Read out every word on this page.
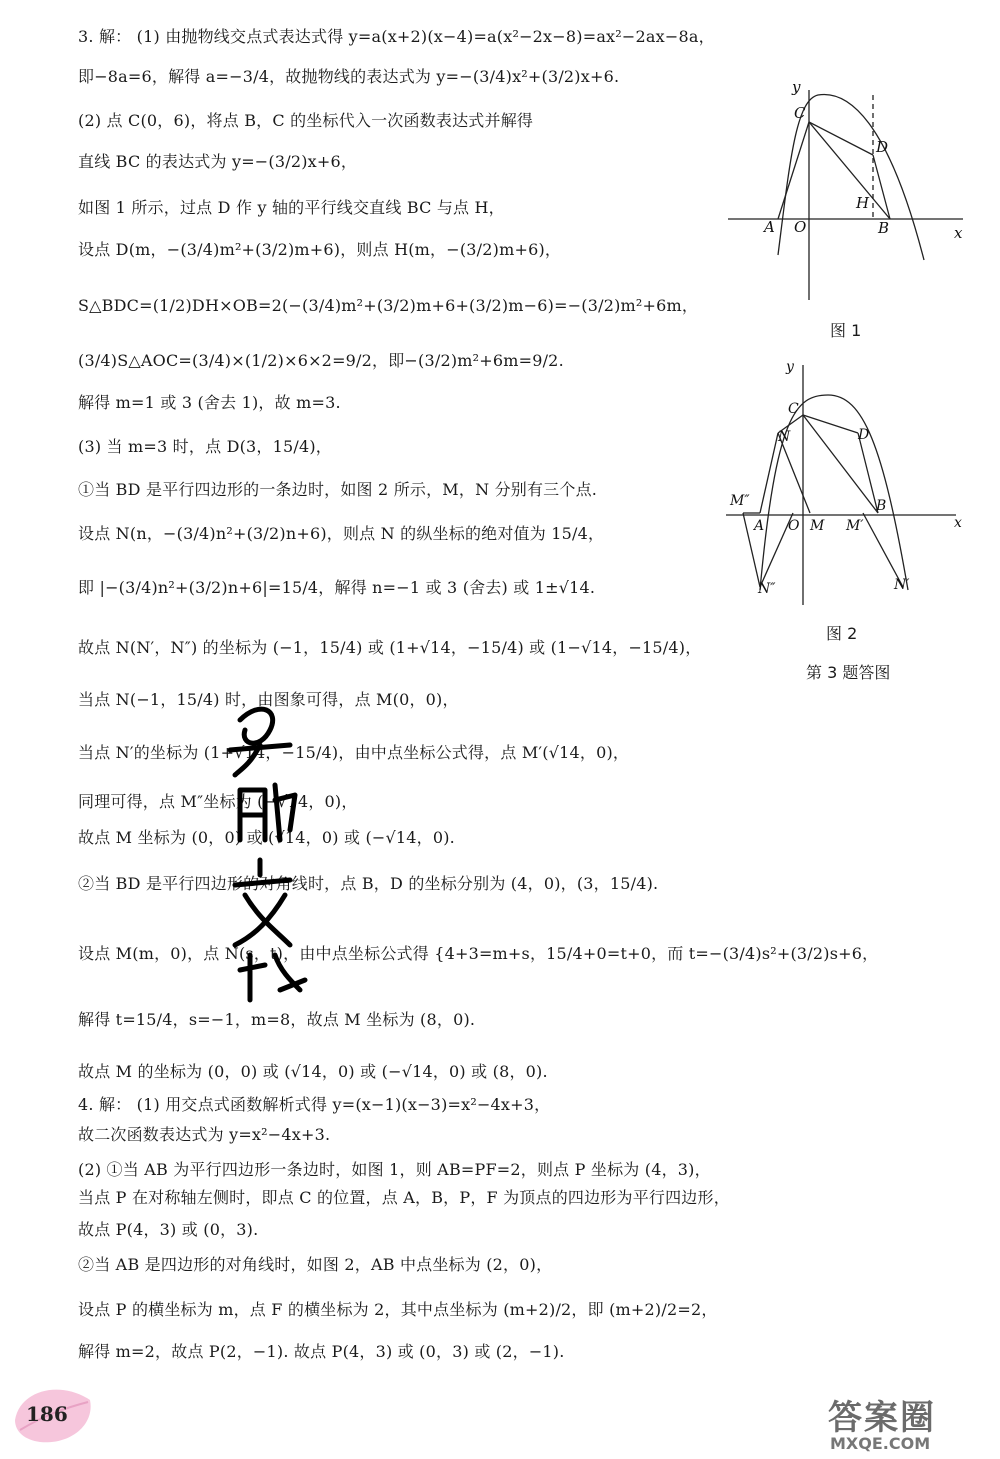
3. 解： (1) 由抛物线交点式表达式得 y=a(x+2)(x−4)=a(x²−2x−8)=ax²−2ax−8a，

即−8a=6，解得 a=−3/4，故抛物线的表达式为 y=−(3/4)x²+(3/2)x+6.

(2) 点 C(0，6)，将点 B，C 的坐标代入一次函数表达式并解得

直线 BC 的表达式为 y=−(3/2)x+6，

如图 1 所示，过点 D 作 y 轴的平行线交直线 BC 与点 H，

设点 D(m，−(3/4)m²+(3/2)m+6)，则点 H(m，−(3/2)m+6)，

S△BDC=(1/2)DH×OB=2(−(3/4)m²+(3/2)m+6+(3/2)m−6)=−(3/2)m²+6m，

(3/4)S△AOC=(3/4)×(1/2)×6×2=9/2，即−(3/2)m²+6m=9/2.

解得 m=1 或 3 (舍去 1)，故 m=3.

(3) 当 m=3 时，点 D(3，15/4)，

①当 BD 是平行四边形的一条边时，如图 2 所示，M，N 分别有三个点.

设点 N(n，−(3/4)n²+(3/2)n+6)，则点 N 的纵坐标的绝对值为 15/4，

即 |−(3/4)n²+(3/2)n+6|=15/4，解得 n=−1 或 3 (舍去) 或 1±√14.

故点 N(N′，N″) 的坐标为 (−1，15/4) 或 (1+√14，−15/4) 或 (1−√14，−15/4)，

当点 N(−1，15/4) 时，由图象可得，点 M(0，0)，

当点 N′的坐标为 (1+√14，−15/4)，由中点坐标公式得，点 M′(√14，0)，

同理可得，点 M″坐标为 (−√14，0)，

故点 M 坐标为 (0，0) 或 (√14，0) 或 (−√14，0).

②当 BD 是平行四边形的对角线时，点 B，D 的坐标分别为 (4，0)，(3，15/4).

设点 M(m，0)，点 N(s，t)，由中点坐标公式得 {4+3=m+s，15/4+0=t+0，而 t=−(3/4)s²+(3/2)s+6，

解得 t=15/4，s=−1，m=8，故点 M 坐标为 (8，0).

故点 M 的坐标为 (0，0) 或 (√14，0) 或 (−√14，0) 或 (8，0).

4. 解： (1) 用交点式函数解析式得 y=(x−1)(x−3)=x²−4x+3，

故二次函数表达式为 y=x²−4x+3.

(2) ①当 AB 为平行四边形一条边时，如图 1，则 AB=PF=2，则点 P 坐标为 (4，3)，

当点 P 在对称轴左侧时，即点 C 的位置，点 A，B，P，F 为顶点的四边形为平行四边形，

故点 P(4，3) 或 (0，3).

②当 AB 是四边形的对角线时，如图 2，AB 中点坐标为 (2，0)，

设点 P 的横坐标为 m，点 F 的横坐标为 2，其中点坐标为 (m+2)/2，即 (m+2)/2=2，

解得 m=2，故点 P(2，−1). 故点 P(4，3) 或 (0，3) 或 (2，−1).

y
x
C
D
H
A O	B

图 1

y
x
C
N	D
M″
A O M M′
B
N″	N′

图 2

第 3 题答图

186	答案圈
MXQE.COM
